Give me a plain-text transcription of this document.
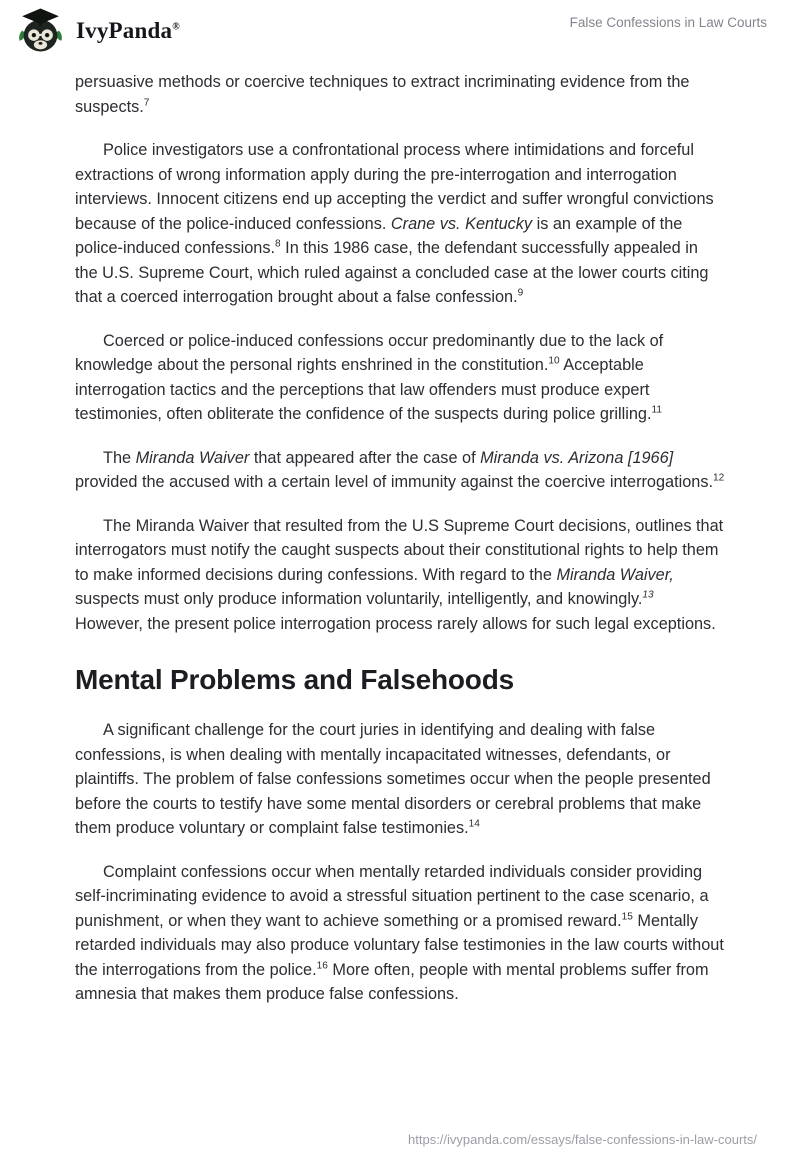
IvyPanda®	False Confessions in Law Courts

persuasive methods or coercive techniques to extract incriminating evidence from the suspects.$^7$

Police investigators use a confrontational process where intimidations and forceful extractions of wrong information apply during the pre-interrogation and interrogation interviews. Innocent citizens end up accepting the verdict and suffer wrongful convictions because of the police-induced confessions. Crane vs. Kentucky is an example of the police-induced confessions.$^8$ In this 1986 case, the defendant successfully appealed in the U.S. Supreme Court, which ruled against a concluded case at the lower courts citing that a coerced interrogation brought about a false confession.$^9$

Coerced or police-induced confessions occur predominantly due to the lack of knowledge about the personal rights enshrined in the constitution.$^{10}$ Acceptable interrogation tactics and the perceptions that law offenders must produce expert testimonies, often obliterate the confidence of the suspects during police grilling.$^{11}$

The Miranda Waiver that appeared after the case of Miranda vs. Arizona [1966] provided the accused with a certain level of immunity against the coercive interrogations.$^{12}$

The Miranda Waiver that resulted from the U.S Supreme Court decisions, outlines that interrogators must notify the caught suspects about their constitutional rights to help them to make informed decisions during confessions. With regard to the Miranda Waiver, suspects must only produce information voluntarily, intelligently, and knowingly.$^{13}$ However, the present police interrogation process rarely allows for such legal exceptions.

Mental Problems and Falsehoods

A significant challenge for the court juries in identifying and dealing with false confessions, is when dealing with mentally incapacitated witnesses, defendants, or plaintiffs. The problem of false confessions sometimes occur when the people presented before the courts to testify have some mental disorders or cerebral problems that make them produce voluntary or complaint false testimonies.$^{14}$

Complaint confessions occur when mentally retarded individuals consider providing self-incriminating evidence to avoid a stressful situation pertinent to the case scenario, a punishment, or when they want to achieve something or a promised reward.$^{15}$ Mentally retarded individuals may also produce voluntary false testimonies in the law courts without the interrogations from the police.$^{16}$ More often, people with mental problems suffer from amnesia that makes them produce false confessions.

https://ivypanda.com/essays/false-confessions-in-law-courts/
